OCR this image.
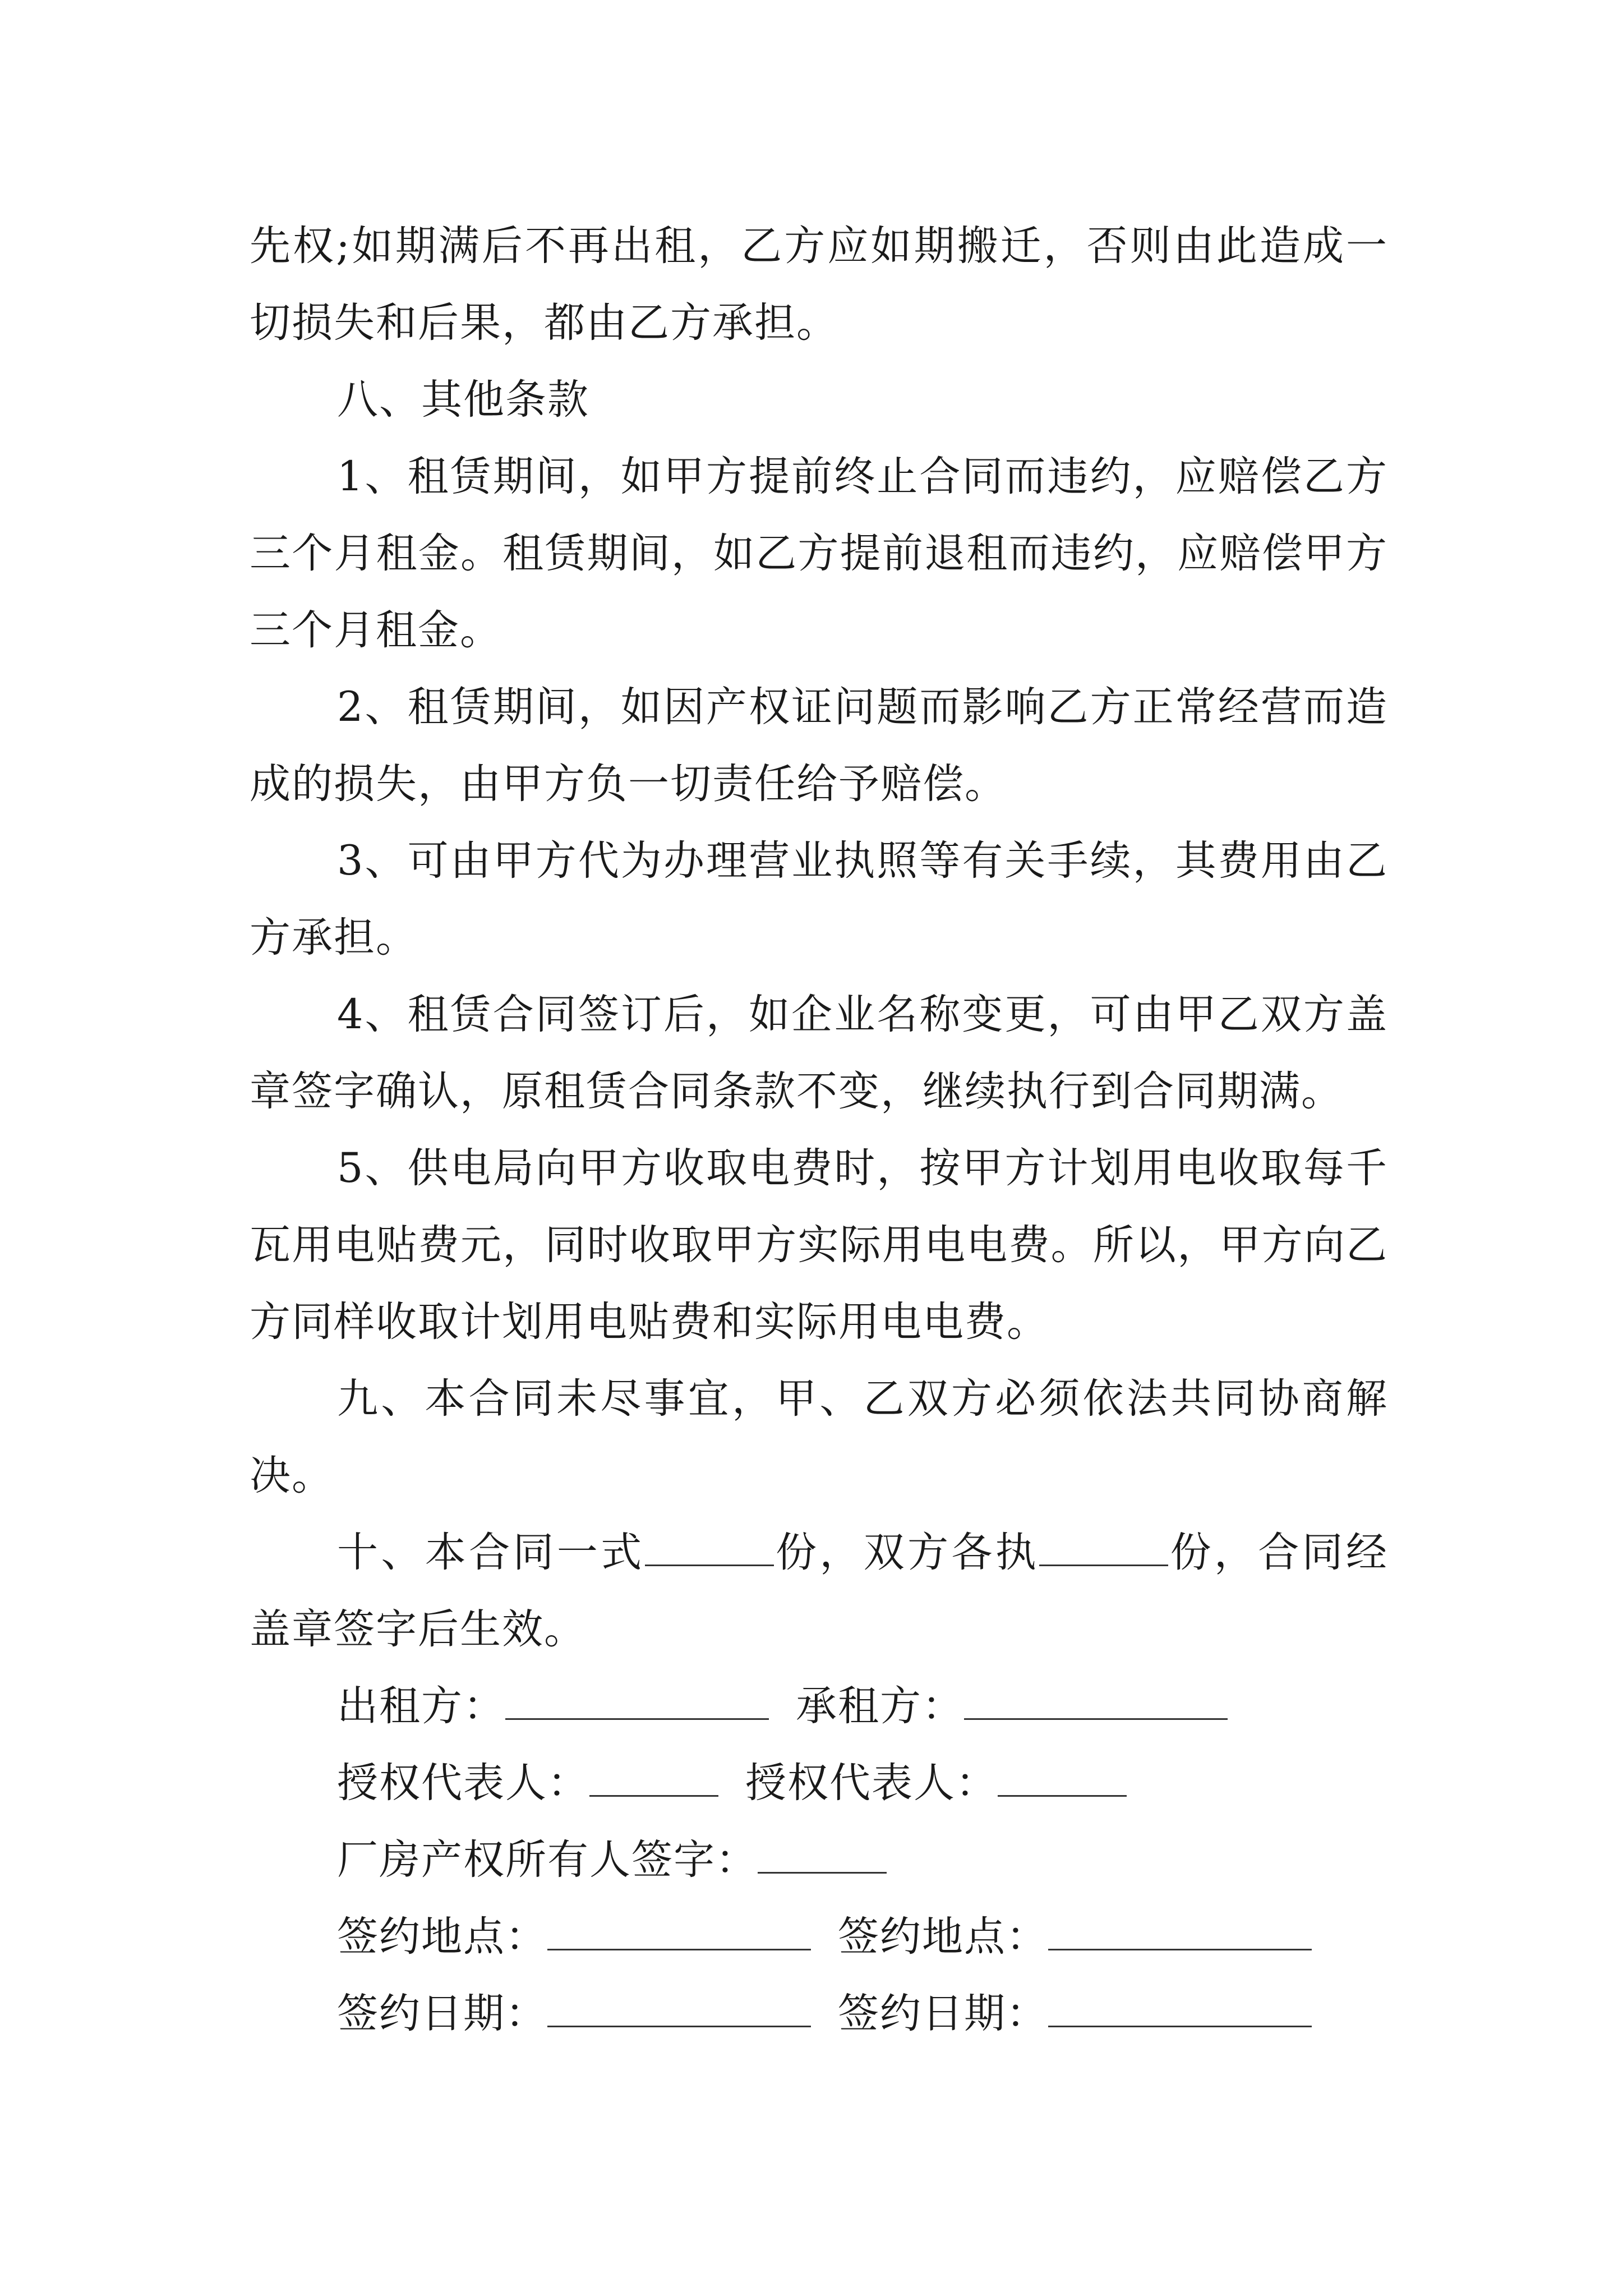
先权;如期满后不再出租，乙方应如期搬迁，否则由此造成一切损失和后果，都由乙方承担。

八、其他条款

1、租赁期间，如甲方提前终止合同而违约，应赔偿乙方三个月租金。租赁期间，如乙方提前退租而违约，应赔偿甲方三个月租金。

2、租赁期间，如因产权证问题而影响乙方正常经营而造成的损失，由甲方负一切责任给予赔偿。

3、可由甲方代为办理营业执照等有关手续，其费用由乙方承担。

4、租赁合同签订后，如企业名称变更，可由甲乙双方盖章签字确认，原租赁合同条款不变，继续执行到合同期满。

5、供电局向甲方收取电费时，按甲方计划用电收取每千瓦用电贴费元，同时收取甲方实际用电电费。所以，甲方向乙方同样收取计划用电贴费和实际用电电费。

九、本合同未尽事宜，甲、乙双方必须依法共同协商解决。

十、本合同一式	份，双方各执	份，合同经盖章签字后生效。

出租方：	承租方：

授权代表人：	授权代表人：

厂房产权所有人签字：

签约地点：	签约地点：

签约日期：	签约日期：
